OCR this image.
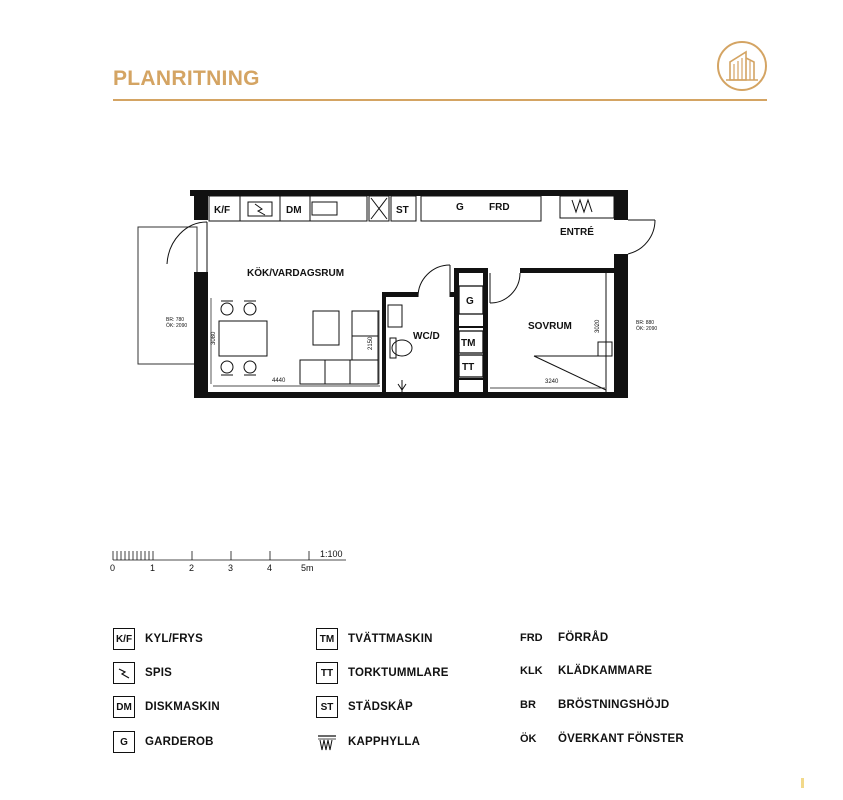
PLANRITNING
KÖK/VARDAGSRUM
ENTRÉ
SOVRUM
WC/D
K/F	DM	ST	G	FRD
G
TM
TT
4440
3080	2150
3240
3020
BR: 780
ÖK: 2090	BR: 880
ÖK: 2090
0	1	2	3	4	5m
1:100
K/F KYL/FRYS
SPIS
DM DISKMASKIN
G	GARDEROB
TM	TVÄTTMASKIN
TT	TORKTUMMLARE
ST	STÄDSKÅP
KAPPHYLLA
FRD	FÖRRÅD
KLK	KLÄDKAMMARE
BR	BRÖSTNINGSHÖJD
ÖK	ÖVERKANT FÖNSTER
